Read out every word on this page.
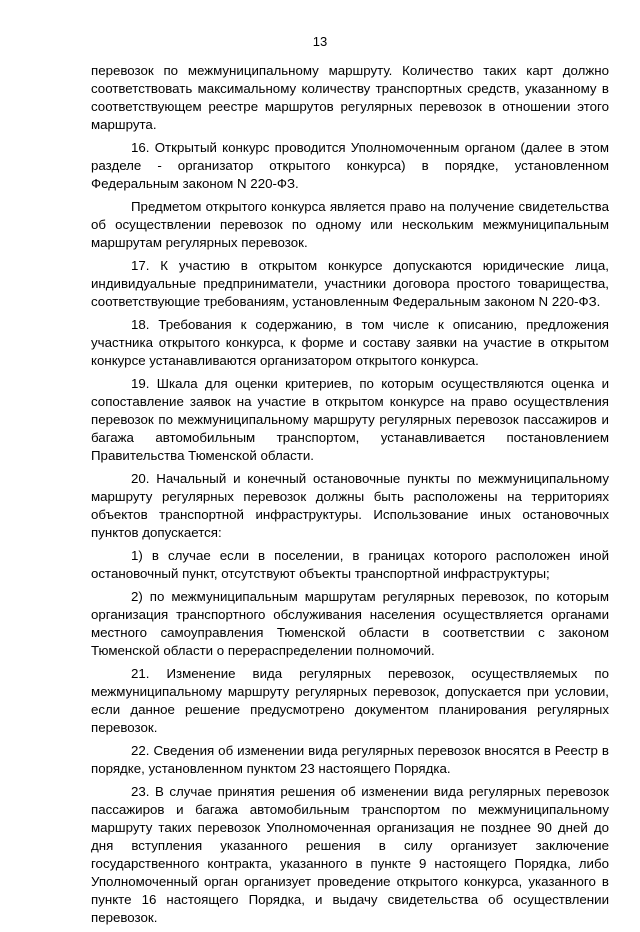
13

перевозок по межмуниципальному маршруту. Количество таких карт должно соответствовать максимальному количеству транспортных средств, указанному в соответствующем реестре маршрутов регулярных перевозок в отношении этого маршрута.

16. Открытый конкурс проводится Уполномоченным органом (далее в этом разделе - организатор открытого конкурса) в порядке, установленном Федеральным законом N 220-ФЗ.

Предметом открытого конкурса является право на получение свидетельства об осуществлении перевозок по одному или нескольким межмуниципальным маршрутам регулярных перевозок.

17. К участию в открытом конкурсе допускаются юридические лица, индивидуальные предприниматели, участники договора простого товарищества, соответствующие требованиям, установленным Федеральным законом N 220-ФЗ.

18. Требования к содержанию, в том числе к описанию, предложения участника открытого конкурса, к форме и составу заявки на участие в открытом конкурсе устанавливаются организатором открытого конкурса.

19. Шкала для оценки критериев, по которым осуществляются оценка и сопоставление заявок на участие в открытом конкурсе на право осуществления перевозок по межмуниципальному маршруту регулярных перевозок пассажиров и багажа автомобильным транспортом, устанавливается постановлением Правительства Тюменской области.

20. Начальный и конечный остановочные пункты по межмуниципальному маршруту регулярных перевозок должны быть расположены на территориях объектов транспортной инфраструктуры. Использование иных остановочных пунктов допускается:

1) в случае если в поселении, в границах которого расположен иной остановочный пункт, отсутствуют объекты транспортной инфраструктуры;

2) по межмуниципальным маршрутам регулярных перевозок, по которым организация транспортного обслуживания населения осуществляется органами местного самоуправления Тюменской области в соответствии с законом Тюменской области о перераспределении полномочий.

21. Изменение вида регулярных перевозок, осуществляемых по межмуниципальному маршруту регулярных перевозок, допускается при условии, если данное решение предусмотрено документом планирования регулярных перевозок.

22. Сведения об изменении вида регулярных перевозок вносятся в Реестр в порядке, установленном пунктом 23 настоящего Порядка.

23. В случае принятия решения об изменении вида регулярных перевозок пассажиров и багажа автомобильным транспортом по межмуниципальному маршруту таких перевозок Уполномоченная организация не позднее 90 дней до дня вступления указанного решения в силу организует заключение государственного контракта, указанного в пункте 9 настоящего Порядка, либо Уполномоченный орган организует проведение открытого конкурса, указанного в пункте 16 настоящего Порядка, и выдачу свидетельства об осуществлении перевозок.
